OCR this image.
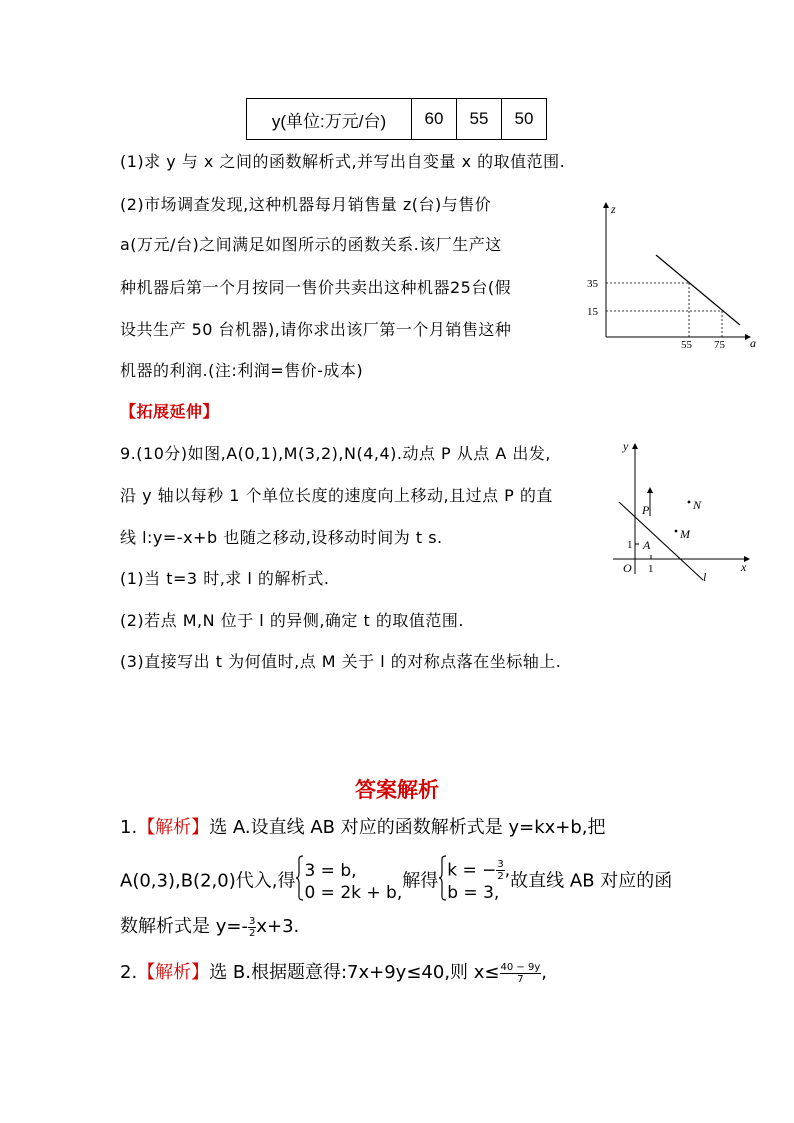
y(单位:万元/台)	60	55	50
(1)求 y 与 x 之间的函数解析式,并写出自变量 x 的取值范围.
(2)市场调查发现,这种机器每月销售量 z(台)与售价
a(万元/台)之间满足如图所示的函数关系.该厂生产这
种机器后第一个月按同一售价共卖出这种机器25台(假
设共生产 50 台机器),请你求出该厂第一个月销售这种
机器的利润.(注:利润=售价-成本)
z
a
35
15
55 75
【拓展延伸】
9.(10分)如图,A(0,1),M(3,2),N(4,4).动点 P 从点 A 出发,
沿 y 轴以每秒 1 个单位长度的速度向上移动,且过点 P 的直
线 l:y=-x+b 也随之移动,设移动时间为 t s.
(1)当 t=3 时,求 l 的解析式.
(2)若点 M,N 位于 l 的异侧,确定 t 的取值范围.
(3)直接写出 t 为何值时,点 M 关于 l 的对称点落在坐标轴上.
y
x
O 1
1 A
P
M
N
l
答案解析
1.【解析】选 A.设直线 AB 对应的函数解析式是 y=kx+b,把
A(0,3),B(2,0)代入,得 3 = b,
0 = 2k + b,
解得 k = − $\frac{3}{2}$ ,
b = 3,
故直线 AB 对应的函
数解析式是 $y=- \frac{3}{2} x+3$.
2.【解析】选 B.根据题意得:7x+9y≤40,则 $x\le \frac{40 - 9y}{7}$ ,
